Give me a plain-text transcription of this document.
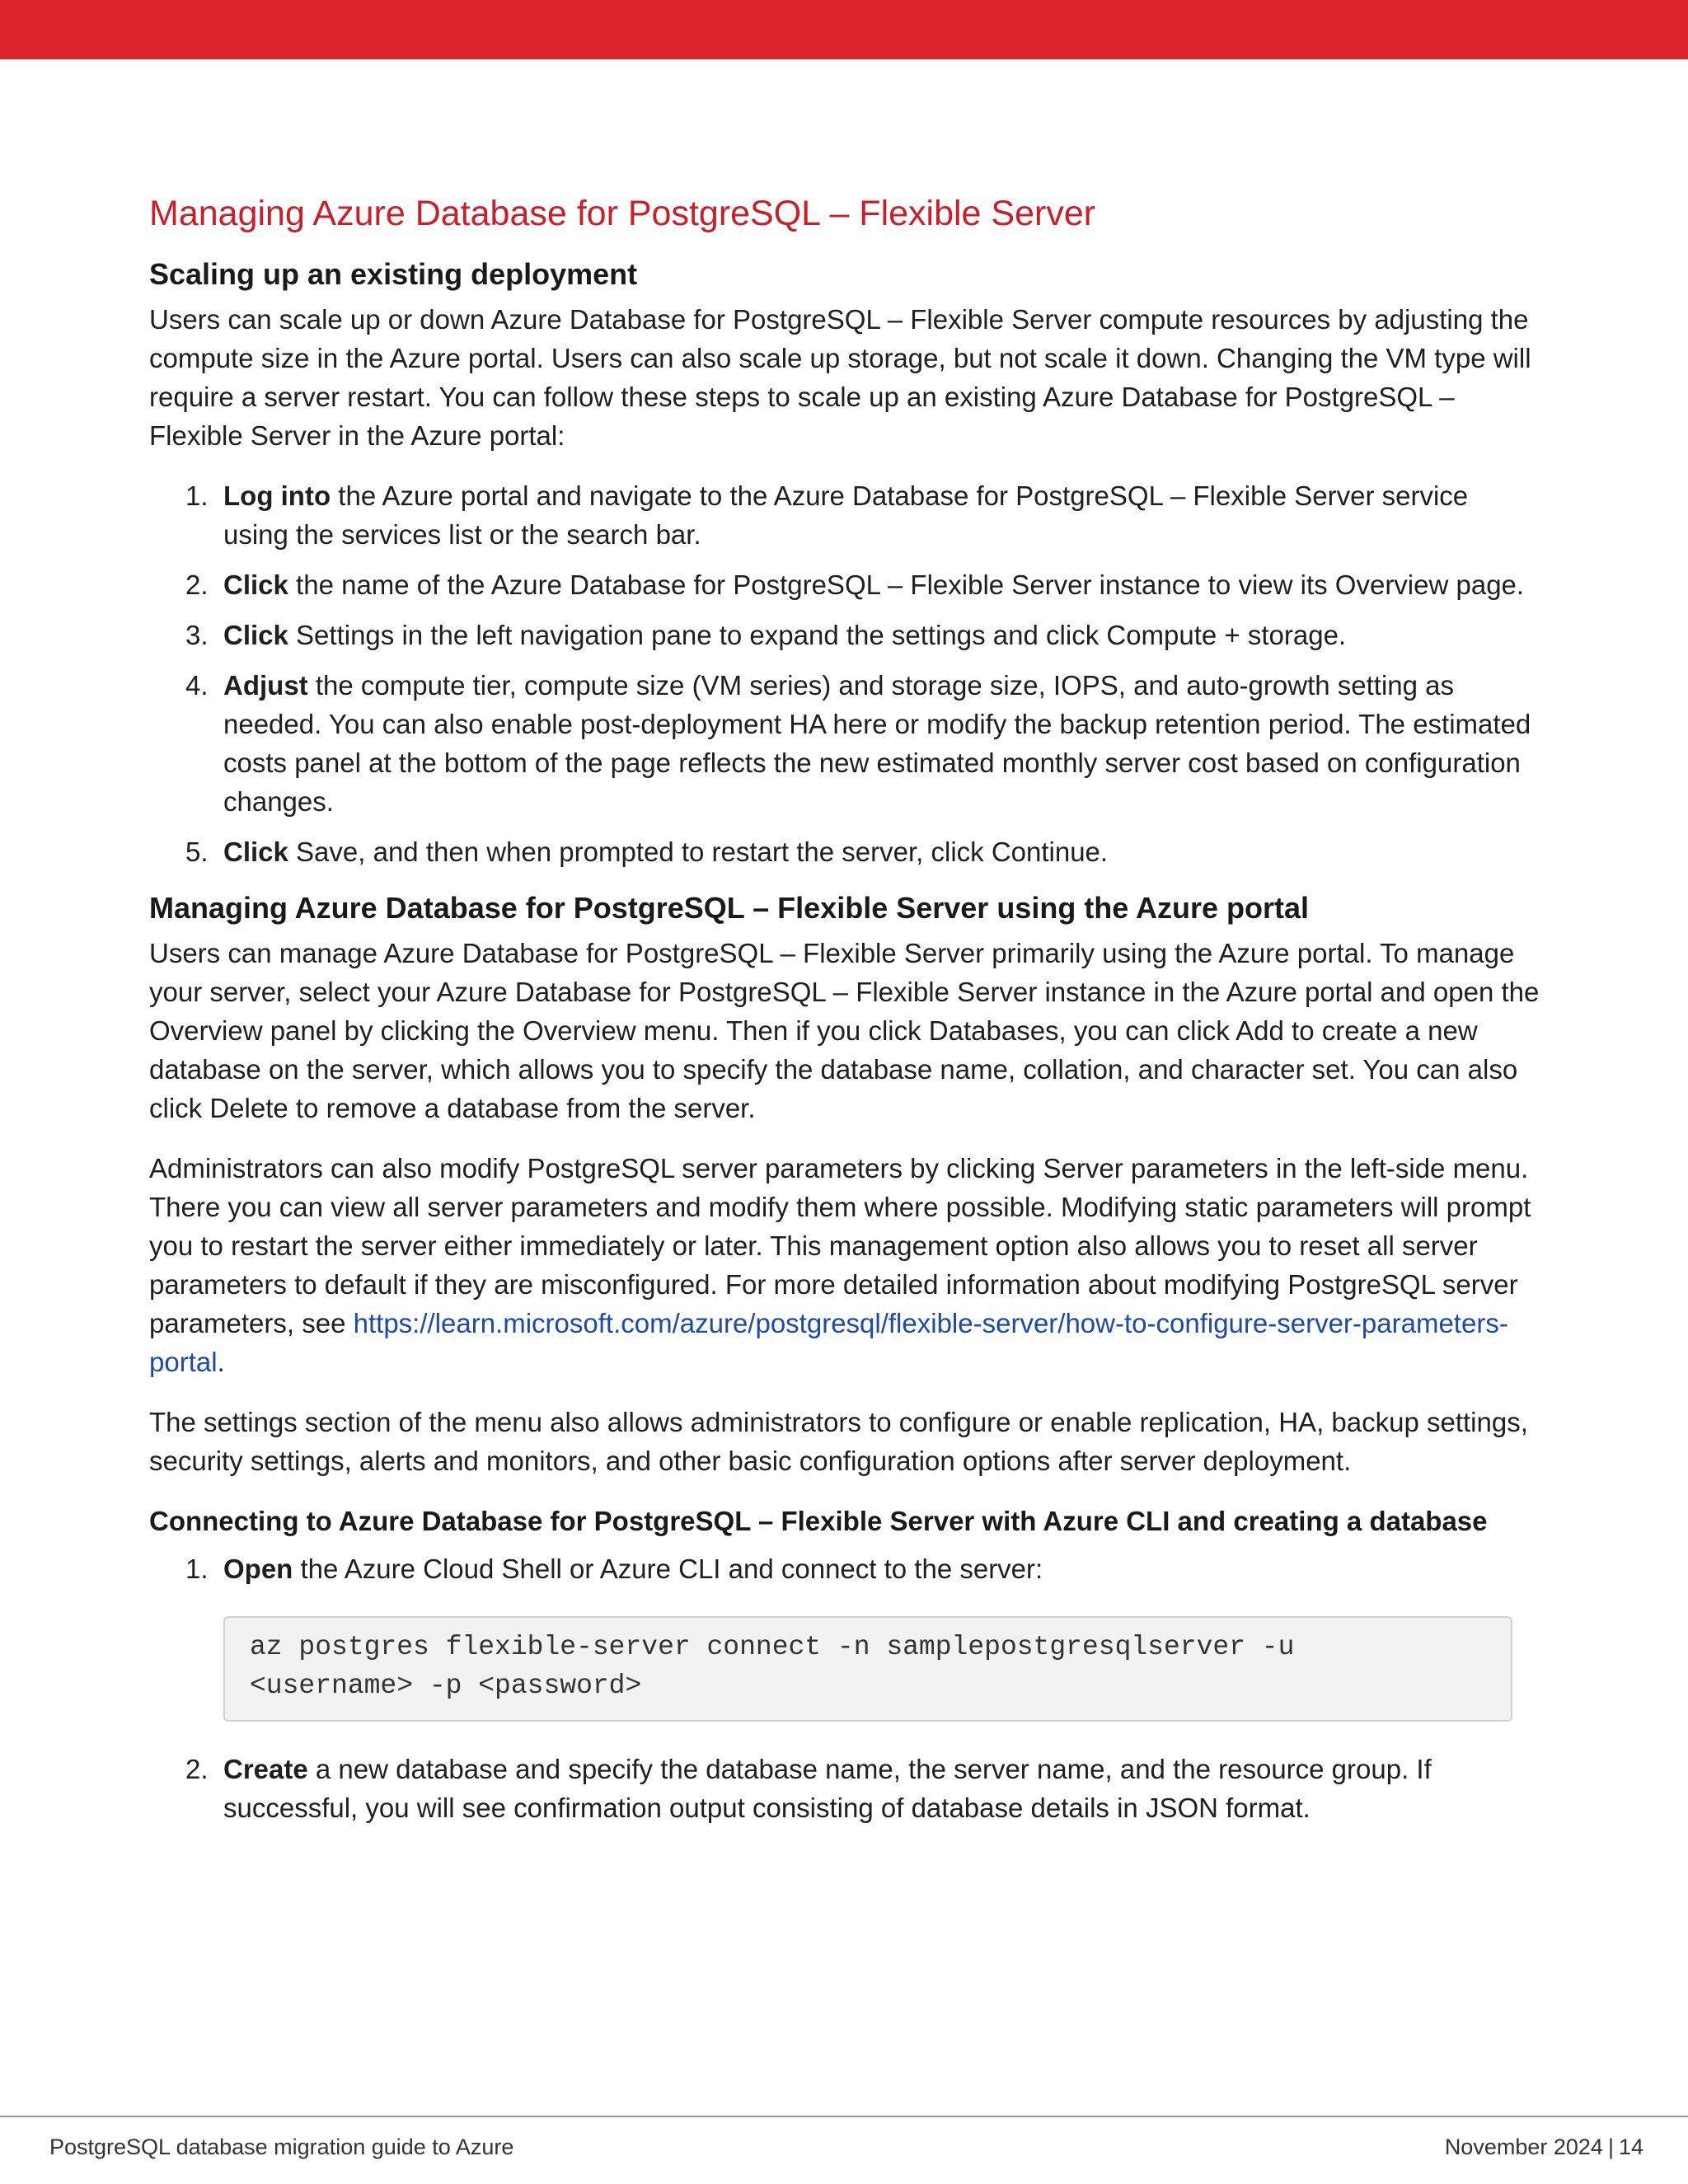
Managing Azure Database for PostgreSQL – Flexible Server
Scaling up an existing deployment

Users can scale up or down Azure Database for PostgreSQL – Flexible Server compute resources by adjusting the compute size in the Azure portal. Users can also scale up storage, but not scale it down. Changing the VM type will require a server restart. You can follow these steps to scale up an existing Azure Database for PostgreSQL – Flexible Server in the Azure portal:

1. Log into the Azure portal and navigate to the Azure Database for PostgreSQL – Flexible Server service using the services list or the search bar.
2. Click the name of the Azure Database for PostgreSQL – Flexible Server instance to view its Overview page.
3. Click Settings in the left navigation pane to expand the settings and click Compute + storage.
4. Adjust the compute tier, compute size (VM series) and storage size, IOPS, and auto-growth setting as needed. You can also enable post-deployment HA here or modify the backup retention period. The estimated costs panel at the bottom of the page reflects the new estimated monthly server cost based on configuration changes.
5. Click Save, and then when prompted to restart the server, click Continue.
Managing Azure Database for PostgreSQL – Flexible Server using the Azure portal

Users can manage Azure Database for PostgreSQL – Flexible Server primarily using the Azure portal. To manage your server, select your Azure Database for PostgreSQL – Flexible Server instance in the Azure portal and open the Overview panel by clicking the Overview menu. Then if you click Databases, you can click Add to create a new database on the server, which allows you to specify the database name, collation, and character set. You can also click Delete to remove a database from the server.

Administrators can also modify PostgreSQL server parameters by clicking Server parameters in the left-side menu. There you can view all server parameters and modify them where possible. Modifying static parameters will prompt you to restart the server either immediately or later. This management option also allows you to reset all server parameters to default if they are misconfigured. For more detailed information about modifying PostgreSQL server parameters, see https://learn.microsoft.com/azure/postgresql/flexible-server/how-to-configure-server-parameters-portal.

The settings section of the menu also allows administrators to configure or enable replication, HA, backup settings, security settings, alerts and monitors, and other basic configuration options after server deployment.

Connecting to Azure Database for PostgreSQL – Flexible Server with Azure CLI and creating a database
1. Open the Azure Cloud Shell or Azure CLI and connect to the server:
az postgres flexible-server connect -n samplepostgresqlserver -u
<username> -p <password>
2. Create a new database and specify the database name, the server name, and the resource group. If successful, you will see confirmation output consisting of database details in JSON format.
PostgreSQL database migration guide to Azure	November 2024 | 14
